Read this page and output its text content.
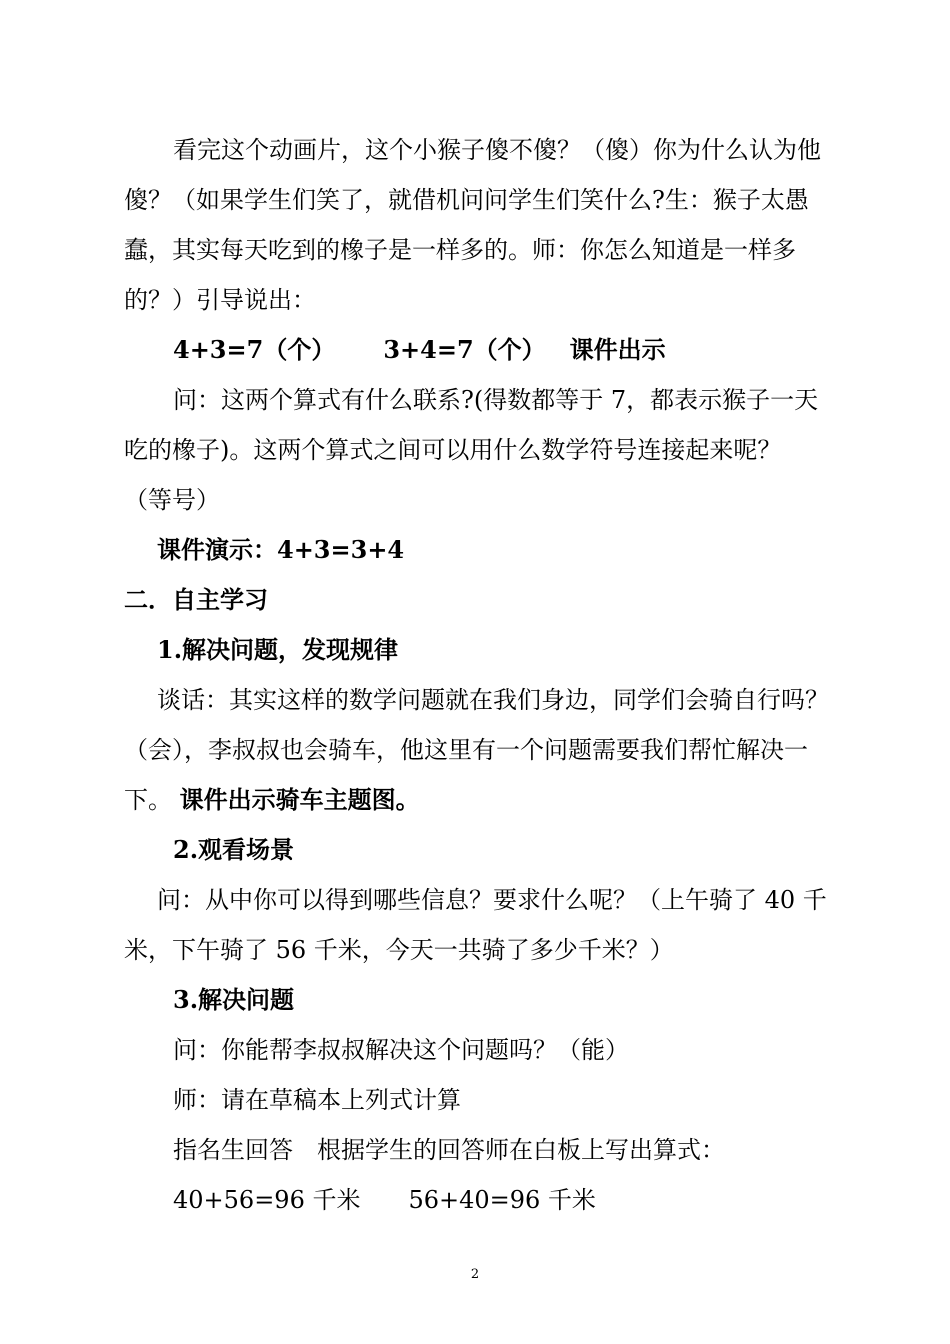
看完这个动画片，这个小猴子傻不傻？（傻）你为什么认为他
傻？（如果学生们笑了，就借机问问学生们笑什么?生：猴子太愚
蠢，其实每天吃到的橡子是一样多的。师：你怎么知道是一样多
的？）引导说出：
4+3=7（个） 3+4=7（个） 课件出示
问：这两个算式有什么联系?(得数都等于 7，都表示猴子一天
吃的橡子)。这两个算式之间可以用什么数学符号连接起来呢？
（等号）
课件演示：4+3=3+4
二．自主学习
1.解决问题，发现规律
谈话：其实这样的数学问题就在我们身边，同学们会骑自行吗？
（会），李叔叔也会骑车，他这里有一个问题需要我们帮忙解决一
下。 课件出示骑车主题图。
2.观看场景
问：从中你可以得到哪些信息？要求什么呢？（上午骑了 40 千
米，下午骑了 56 千米，今天一共骑了多少千米？）
3.解决问题
问：你能帮李叔叔解决这个问题吗？（能）
师：请在草稿本上列式计算
指名生回答　根据学生的回答师在白板上写出算式：
40+56=96 千米 56+40=96 千米
2
